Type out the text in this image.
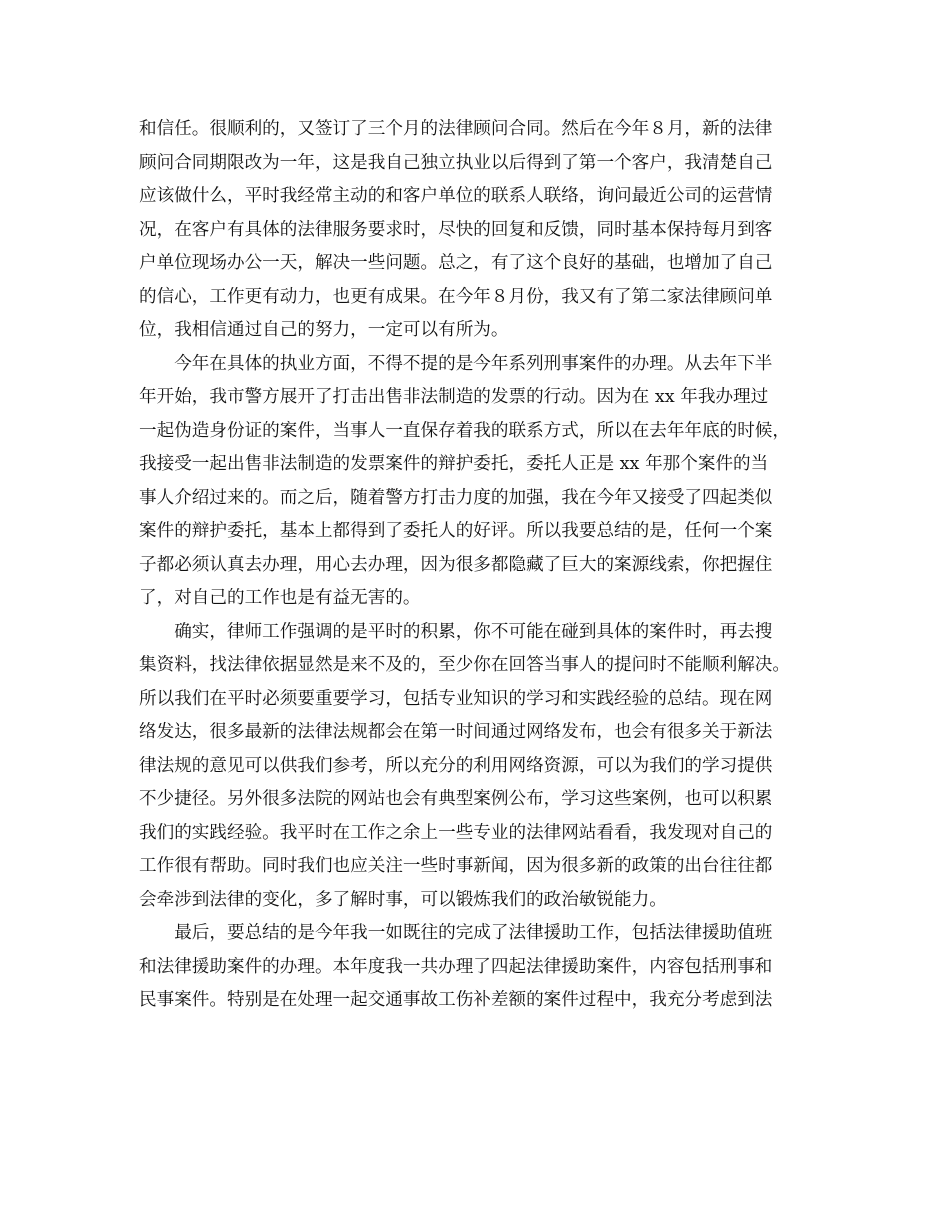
和信任。很顺利的，又签订了三个月的法律顾问合同。然后在今年８月，新的法律
顾问合同期限改为一年，这是我自己独立执业以后得到了第一个客户，我清楚自己
应该做什么，平时我经常主动的和客户单位的联系人联络，询问最近公司的运营情
况，在客户有具体的法律服务要求时，尽快的回复和反馈，同时基本保持每月到客
户单位现场办公一天，解决一些问题。总之，有了这个良好的基础，也增加了自己
的信心，工作更有动力，也更有成果。在今年８月份，我又有了第二家法律顾问单
位，我相信通过自己的努力，一定可以有所为。
　　今年在具体的执业方面，不得不提的是今年系列刑事案件的办理。从去年下半
年开始，我市警方展开了打击出售非法制造的发票的行动。因为在 xx 年我办理过
一起伪造身份证的案件，当事人一直保存着我的联系方式，所以在去年年底的时候，
我接受一起出售非法制造的发票案件的辩护委托，委托人正是 xx 年那个案件的当
事人介绍过来的。而之后，随着警方打击力度的加强，我在今年又接受了四起类似
案件的辩护委托，基本上都得到了委托人的好评。所以我要总结的是，任何一个案
子都必须认真去办理，用心去办理，因为很多都隐藏了巨大的案源线索，你把握住
了，对自己的工作也是有益无害的。
　　确实，律师工作强调的是平时的积累，你不可能在碰到具体的案件时，再去搜
集资料，找法律依据显然是来不及的，至少你在回答当事人的提问时不能顺利解决。
所以我们在平时必须要重要学习，包括专业知识的学习和实践经验的总结。现在网
络发达，很多最新的法律法规都会在第一时间通过网络发布，也会有很多关于新法
律法规的意见可以供我们参考，所以充分的利用网络资源，可以为我们的学习提供
不少捷径。另外很多法院的网站也会有典型案例公布，学习这些案例，也可以积累
我们的实践经验。我平时在工作之余上一些专业的法律网站看看，我发现对自己的
工作很有帮助。同时我们也应关注一些时事新闻，因为很多新的政策的出台往往都
会牵涉到法律的变化，多了解时事，可以锻炼我们的政治敏锐能力。
　　最后，要总结的是今年我一如既往的完成了法律援助工作，包括法律援助值班
和法律援助案件的办理。本年度我一共办理了四起法律援助案件，内容包括刑事和
民事案件。特别是在处理一起交通事故工伤补差额的案件过程中，我充分考虑到法
